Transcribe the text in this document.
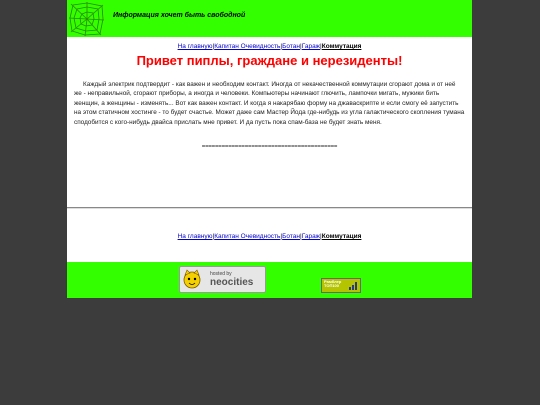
Информация хочет быть свободной
На главную|Капитан Очевидность|Ботан|Гараж|Коммутация
Привет пиплы, граждане и нерезиденты!

Каждый электрик подтвердит - как важен и необходим контакт. Иногда от некачественной коммутации сгорают дома и от неё же - неправильной, сгорают приборы, а иногда и человеки. Компьютеры начинают глючить, лампочки мигать, мужики бить женщин, а женщины - изменять... Вот как важен контакт. И когда я накарябаю форму на джаваскрипте и если смогу её запустить на этом статичном хостинге - то будет счастье. Может даже сам Мастер Йода где-нибудь из угла галактического скопления тумана сподобится с кого-нибудь двайса прислать мне привет. И да пусть пока спам-база не будет знать меня.

=========================================
На главную|Капитан Очевидность|Ботан|Гараж|Коммутация
hosted by
neocities	Рамблер
ТОП100
